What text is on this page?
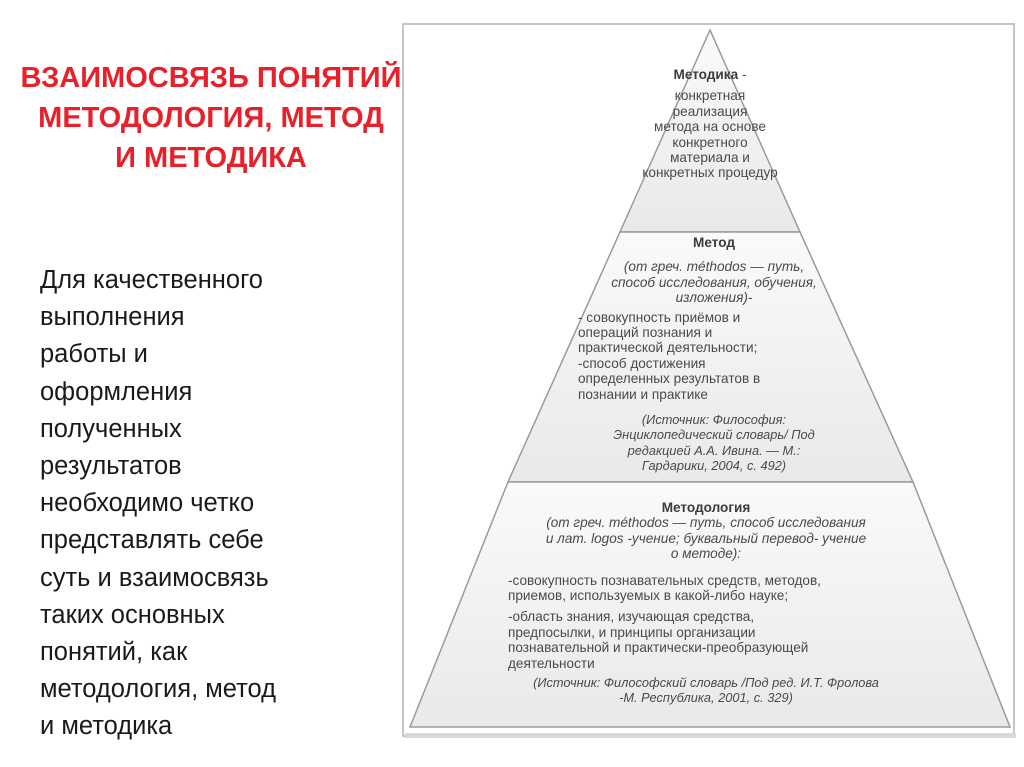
ВЗАИМОСВЯЗЬ ПОНЯТИЙ
МЕТОДОЛОГИЯ, МЕТОД
И МЕТОДИКА
Для качественного
выполнения
работы и
оформления
полученных
результатов
необходимо четко
представлять себе
суть и взаимосвязь
таких основных
понятий, как
методология, метод
и методика
Методика -
конкретная
реализация
метода на основе
конкретного
материала и
конкретных процедур
Метод
(от греч. méthodos — путь,
способ исследования, обучения,
изложения)-
- совокупность приёмов и
операций познания и
практической деятельности;
-способ достижения
определенных результатов в
познании и практике
(Источник: Философия:
Энциклопедический словарь/ Под
редакцией А.А. Ивина. — М.:
Гардарики, 2004, с. 492)
Методология
(от греч. méthodos — путь, способ исследования
и лат. logos -учение; буквальный перевод- учение
о методе):
-совокупность познавательных средств, методов,
приемов, используемых в какой-либо науке;
-область знания, изучающая средства,
предпосылки, и принципы организации
познавательной и практически-преобразующей
деятельности
(Источник: Философский словарь /Под ред. И.Т. Фролова
-М. Республика, 2001, с. 329)
